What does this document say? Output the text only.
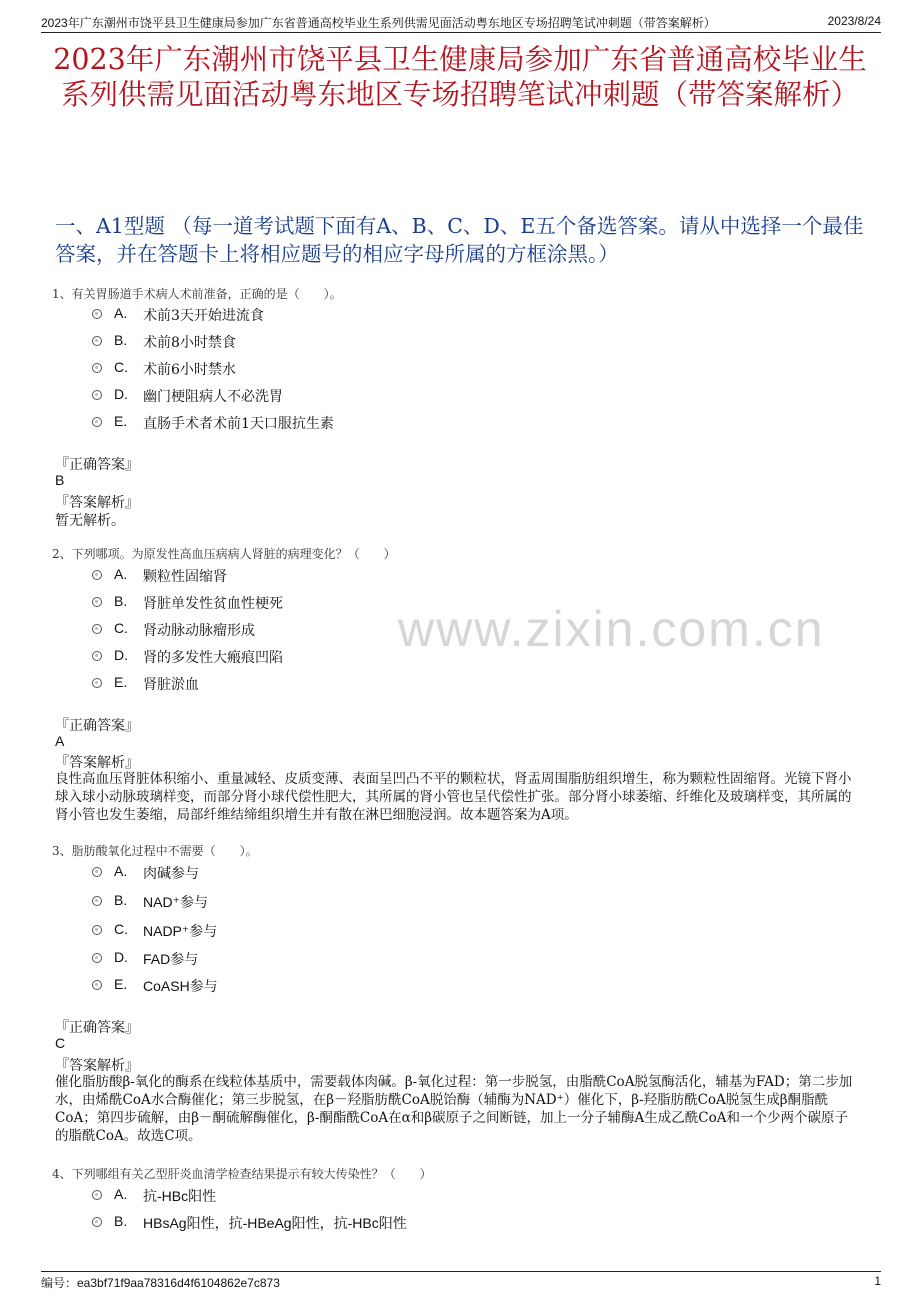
2023年广东潮州市饶平县卫生健康局参加广东省普通高校毕业生系列供需见面活动粤东地区专场招聘笔试冲刺题（带答案解析）	2023/8/24
2023年广东潮州市饶平县卫生健康局参加广东省普通高校毕业生系列供需见面活动粤东地区专场招聘笔试冲刺题（带答案解析）
一、A1型题 （每一道考试题下面有A、B、C、D、E五个备选答案。请从中选择一个最佳答案，并在答题卡上将相应题号的相应字母所属的方框涂黑。）
www.zixin.com.cn
1、有关胃肠道手术病人术前准备，正确的是（　　）。
A. 术前3天开始进流食
B. 术前8小时禁食
C. 术前6小时禁水
D. 幽门梗阻病人不必洗胃
E. 直肠手术者术前1天口服抗生素
『正确答案』
B
『答案解析』
暂无解析。
2、下列哪项。为原发性高血压病病人肾脏的病理变化？（　　）
A. 颗粒性固缩肾
B. 肾脏单发性贫血性梗死
C. 肾动脉动脉瘤形成
D. 肾的多发性大瘢痕凹陷
E. 肾脏淤血
『正确答案』
A
『答案解析』
良性高血压肾脏体积缩小、重量减轻、皮质变薄、表面呈凹凸不平的颗粒状，肾盂周围脂肪组织增生，称为颗粒性固缩肾。光镜下肾小球入球小动脉玻璃样变，而部分肾小球代偿性肥大，其所属的肾小管也呈代偿性扩张。部分肾小球萎缩、纤维化及玻璃样变，其所属的肾小管也发生萎缩，局部纤维结缔组织增生并有散在淋巴细胞浸润。故本题答案为A项。
3、脂肪酸氧化过程中不需要（　　）。
A. 肉碱参与
B. NAD⁺参与
C. NADP⁺参与
D. FAD参与
E. CoASH参与
『正确答案』
C
『答案解析』
催化脂肪酸β-氧化的酶系在线粒体基质中，需要载体肉碱。β-氧化过程：第一步脱氢，由脂酰CoA脱氢酶活化，辅基为FAD；第二步加水，由烯酰CoA水合酶催化；第三步脱氢，在β－羟脂肪酰CoA脱饴酶（辅酶为NAD⁺）催化下，β-羟脂肪酰CoA脱氢生成β酮脂酰CoA；第四步硫解，由β－酮硫解酶催化，β-酮酯酰CoA在α和β碳原子之间断链，加上一分子辅酶A生成乙酰CoA和一个少两个碳原子的脂酰CoA。故选C项。
4、下列哪组有关乙型肝炎血清学检查结果提示有较大传染性？（　　）
A. 抗-HBc阳性
B. HBsAg阳性，抗-HBeAg阳性，抗-HBc阳性
编号：ea3bf71f9aa78316d4f6104862e7c873	1
